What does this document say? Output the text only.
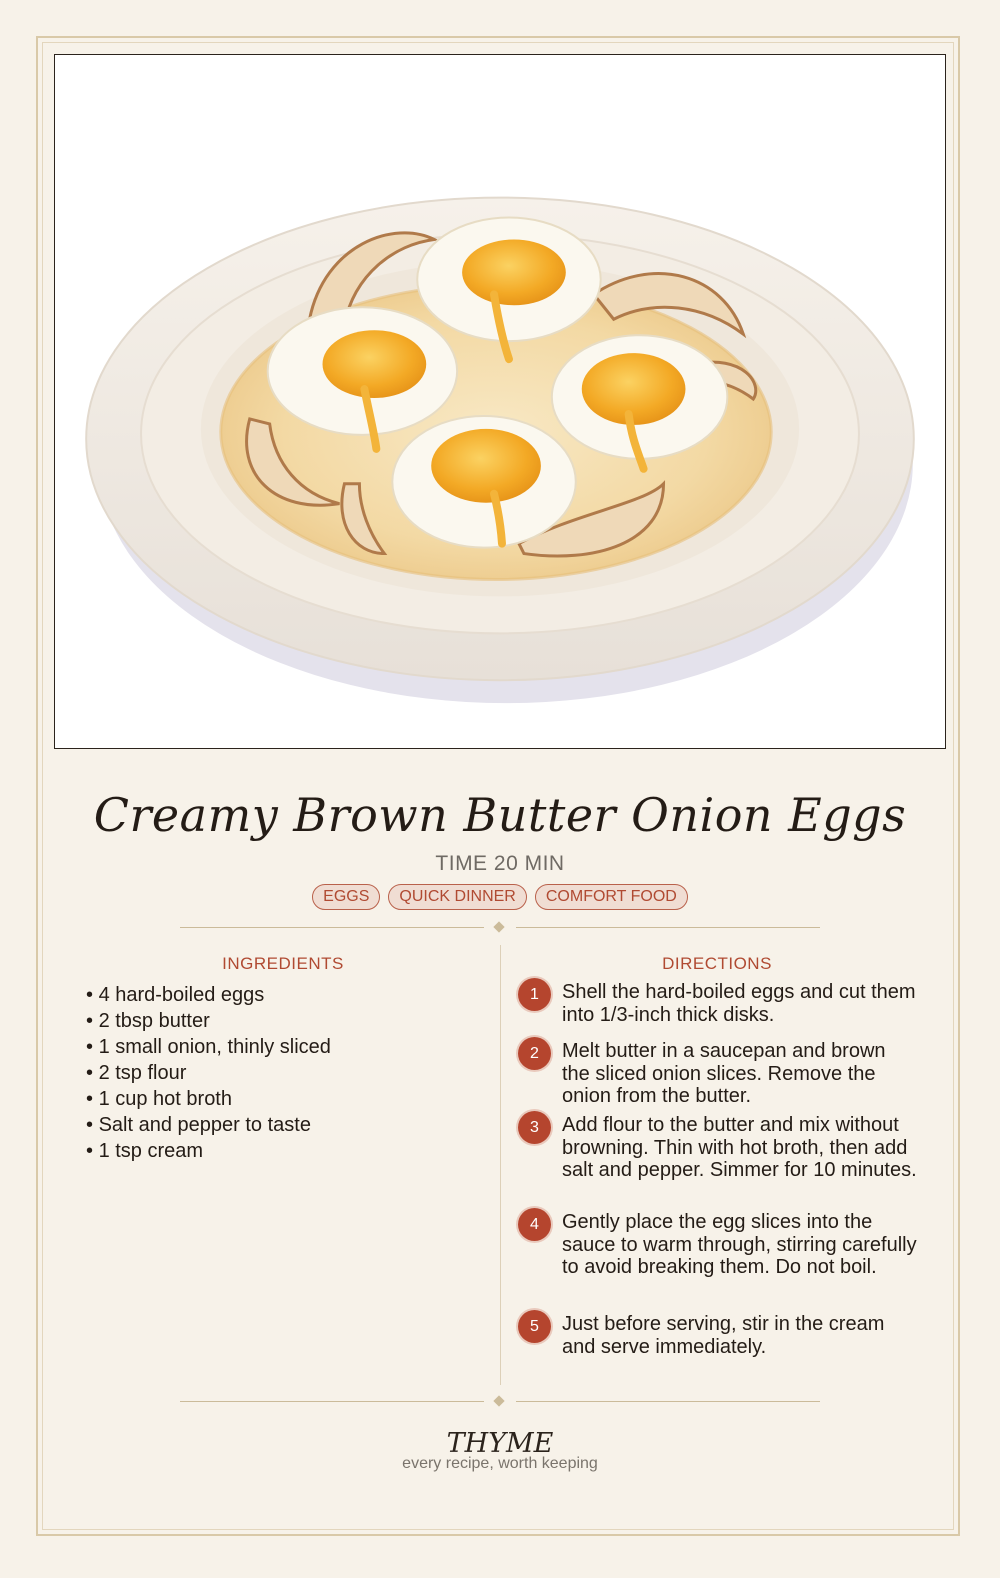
Creamy Brown Butter Onion Eggs
TIME 20 MIN
EGGS	QUICK DINNER	COMFORT FOOD
INGREDIENTS
• 4 hard-boiled eggs
• 2 tbsp butter
• 1 small onion, thinly sliced
• 2 tsp flour
• 1 cup hot broth
• Salt and pepper to taste
• 1 tsp cream
DIRECTIONS
1	Shell the hard-boiled eggs and cut them into 1/3-inch thick disks.
2	Melt butter in a saucepan and brown the sliced onion slices. Remove the onion from the butter.
3	Add flour to the butter and mix without browning. Thin with hot broth, then add salt and pepper. Simmer for 10 minutes.
4	Gently place the egg slices into the sauce to warm through, stirring carefully to avoid breaking them. Do not boil.
5	Just before serving, stir in the cream and serve immediately.
THYME
every recipe, worth keeping
